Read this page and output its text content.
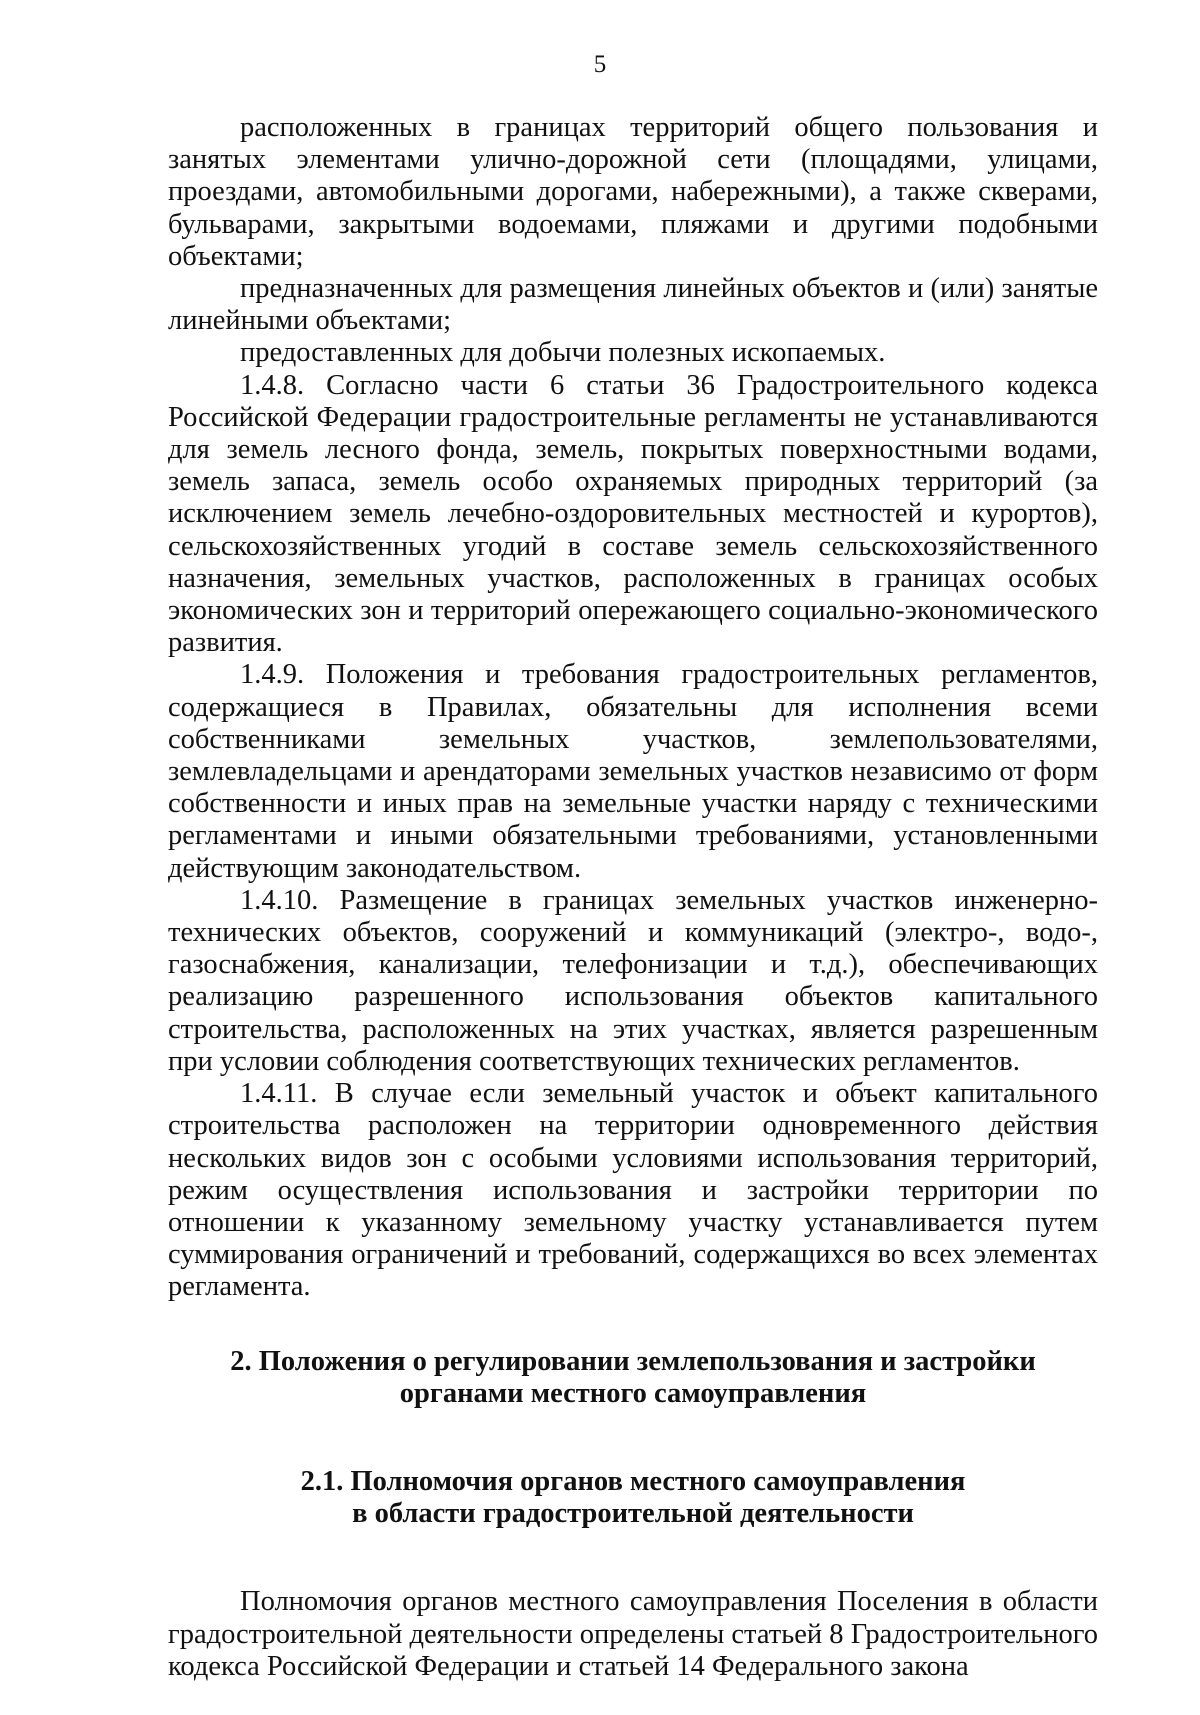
5

расположенных в границах территорий общего пользования и занятых элементами улично-дорожной сети (площадями, улицами, проездами, автомобильными дорогами, набережными), а также скверами, бульварами, закрытыми водоемами, пляжами и другими подобными объектами;

предназначенных для размещения линейных объектов и (или) занятые линейными объектами;

предоставленных для добычи полезных ископаемых.

1.4.8. Согласно части 6 статьи 36 Градостроительного кодекса Российской Федерации градостроительные регламенты не устанавливаются для земель лесного фонда, земель, покрытых поверхностными водами, земель запаса, земель особо охраняемых природных территорий (за исключением земель лечебно-оздоровительных местностей и курортов), сельскохозяйственных угодий в составе земель сельскохозяйственного назначения, земельных участков, расположенных в границах особых экономических зон и территорий опережающего социально-экономического развития.

1.4.9. Положения и требования градостроительных регламентов, содержащиеся в Правилах, обязательны для исполнения всеми собственниками земельных участков, землепользователями, землевладельцами и арендаторами земельных участков независимо от форм собственности и иных прав на земельные участки наряду с техническими регламентами и иными обязательными требованиями, установленными действующим законодательством.

1.4.10. Размещение в границах земельных участков инженерно-технических объектов, сооружений и коммуникаций (электро-, водо-, газоснабжения, канализации, телефонизации и т.д.), обеспечивающих реализацию разрешенного использования объектов капитального строительства, расположенных на этих участках, является разрешенным при условии соблюдения соответствующих технических регламентов.

1.4.11. В случае если земельный участок и объект капитального строительства расположен на территории одновременного действия нескольких видов зон с особыми условиями использования территорий, режим осуществления использования и застройки территории по отношении к указанному земельному участку устанавливается путем суммирования ограничений и требований, содержащихся во всех элементах регламента.

2. Положения о регулировании землепользования и застройки
органами местного самоуправления
2.1. Полномочия органов местного самоуправления
в области градостроительной деятельности

Полномочия органов местного самоуправления Поселения в области градостроительной деятельности определены статьей 8 Градостроительного кодекса Российской Федерации и статьей 14 Федерального закона
